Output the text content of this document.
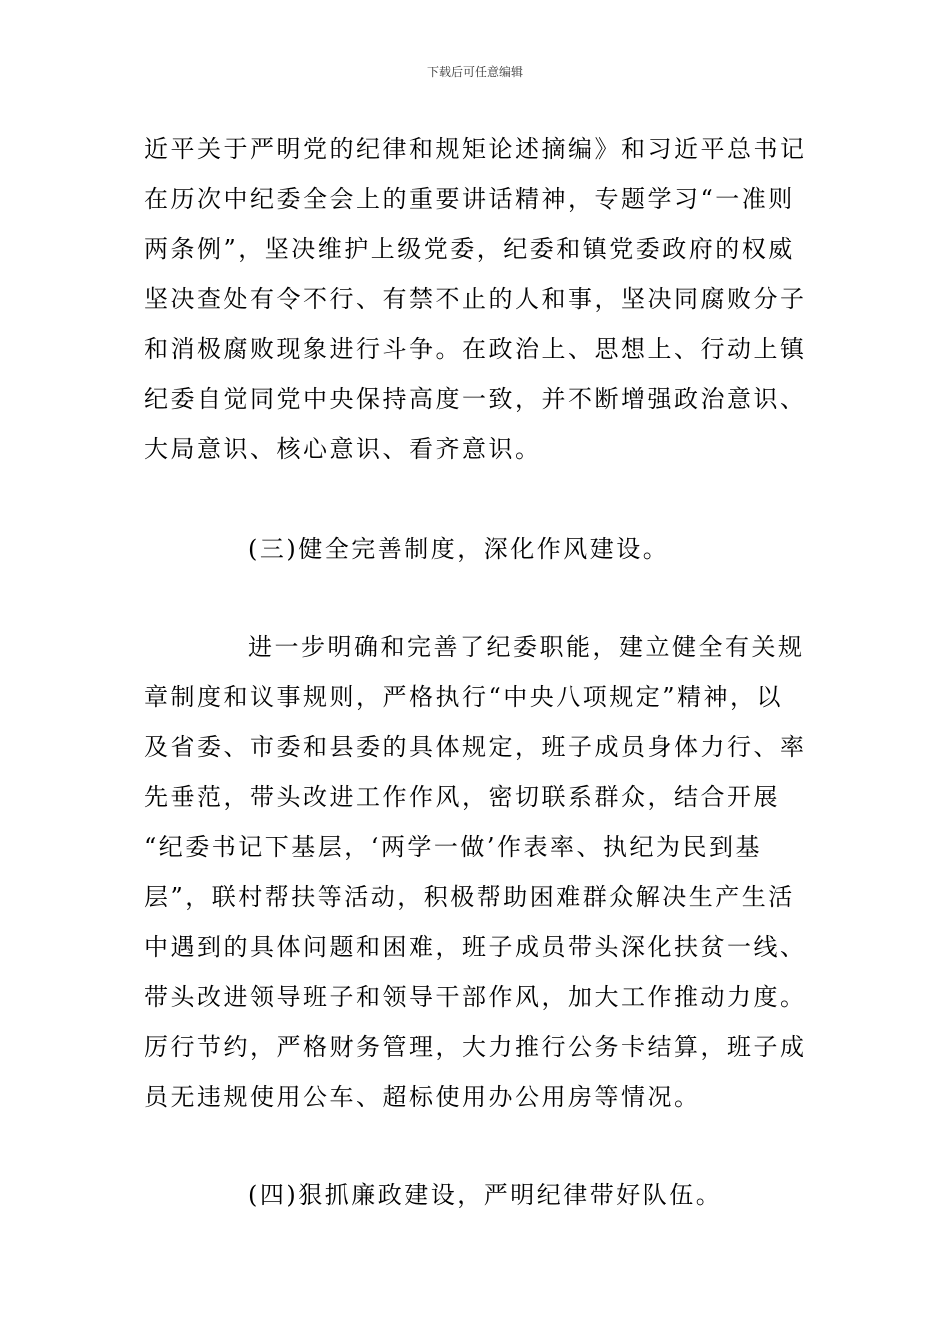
下载后可任意编辑
近平关于严明党的纪律和规矩论述摘编》和习近平总书记
在历次中纪委全会上的重要讲话精神，专题学习“一准则
两条例”，坚决维护上级党委，纪委和镇党委政府的权威
坚决查处有令不行、有禁不止的人和事，坚决同腐败分子
和消极腐败现象进行斗争。在政治上、思想上、行动上镇
纪委自觉同党中央保持高度一致，并不断增强政治意识、
大局意识、核心意识、看齐意识。
(三)健全完善制度，深化作风建设。
进一步明确和完善了纪委职能，建立健全有关规
章制度和议事规则，严格执行“中央八项规定”精神，以
及省委、市委和县委的具体规定，班子成员身体力行、率
先垂范，带头改进工作作风，密切联系群众，结合开展
“纪委书记下基层，‘两学一做’作表率、执纪为民到基
层”，联村帮扶等活动，积极帮助困难群众解决生产生活
中遇到的具体问题和困难，班子成员带头深化扶贫一线、
带头改进领导班子和领导干部作风，加大工作推动力度。
厉行节约，严格财务管理，大力推行公务卡结算，班子成
员无违规使用公车、超标使用办公用房等情况。
(四)狠抓廉政建设，严明纪律带好队伍。
